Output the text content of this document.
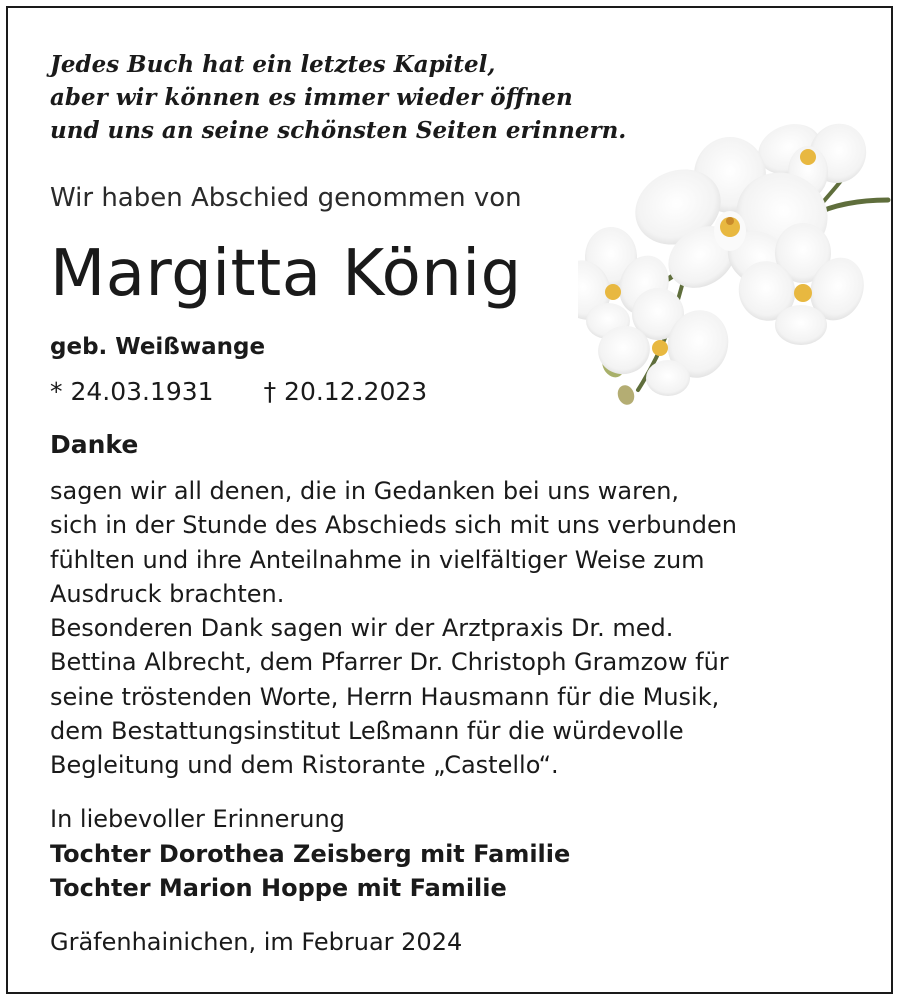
Jedes Buch hat ein letztes Kapitel,
aber wir können es immer wieder öffnen
und uns an seine schönsten Seiten erinnern.
Wir haben Abschied genommen von
Margitta König
geb. Weißwange
* 24.03.1931 † 20.12.2023
Danke
sagen wir all denen, die in Gedanken bei uns waren,
sich in der Stunde des Abschieds sich mit uns verbunden
fühlten und ihre Anteilnahme in vielfältiger Weise zum
Ausdruck brachten.
Besonderen Dank sagen wir der Arztpraxis Dr. med.
Bettina Albrecht, dem Pfarrer Dr. Christoph Gramzow für
seine tröstenden Worte, Herrn Hausmann für die Musik,
dem Bestattungsinstitut Leßmann für die würdevolle
Begleitung und dem Ristorante „Castello“.
In liebevoller Erinnerung
Tochter Dorothea Zeisberg mit Familie
Tochter Marion Hoppe mit Familie
Gräfenhainichen, im Februar 2024
